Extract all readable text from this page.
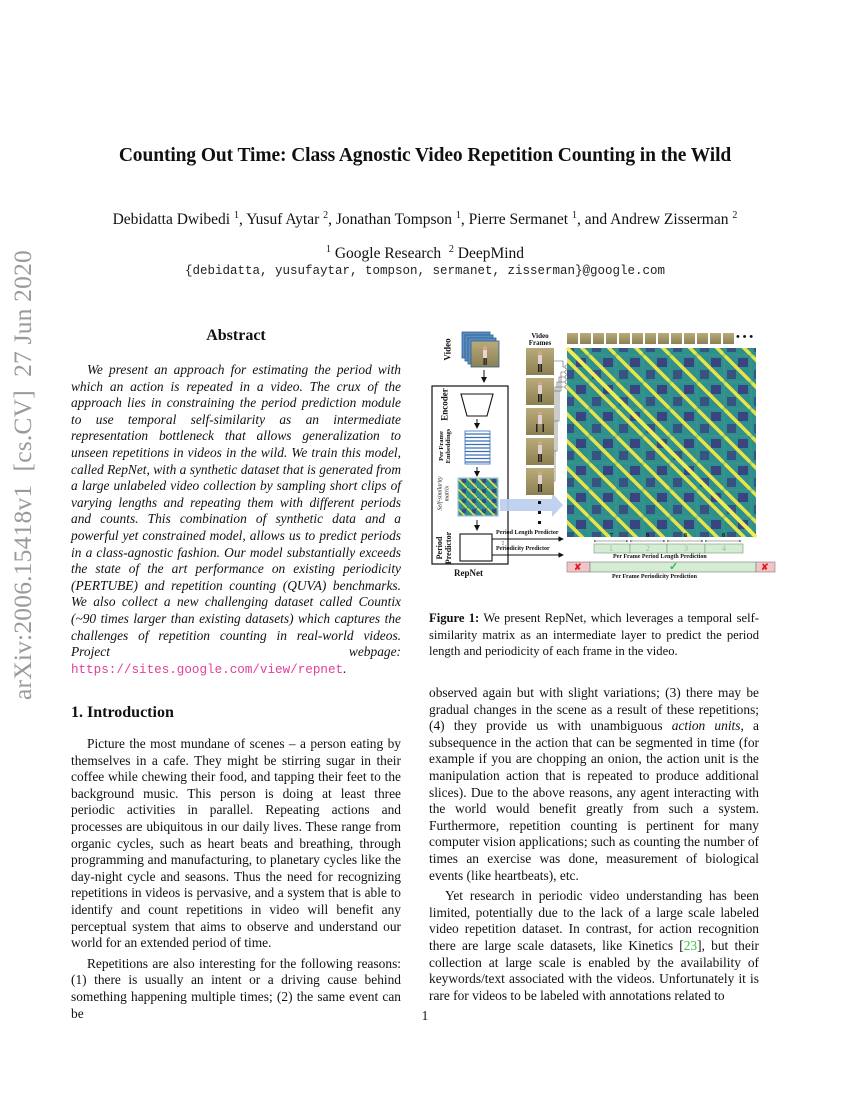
arXiv:2006.15418v1  [cs.CV]  27 Jun 2020
Counting Out Time: Class Agnostic Video Repetition Counting in the Wild
Debidatta Dwibedi $^1$, Yusuf Aytar $^2$, Jonathan Tompson $^1$, Pierre Sermanet $^1$, and Andrew Zisserman $^2$
$^1$ Google Research $^2$ DeepMind
{debidatta, yusufaytar, tompson, sermanet, zisserman}@google.com
Abstract
We present an approach for estimating the period with which an action is repeated in a video. The crux of the approach lies in constraining the period prediction module to use temporal self-similarity as an intermediate representation bottleneck that allows generalization to unseen repetitions in videos in the wild. We train this model, called RepNet, with a synthetic dataset that is generated from a large unlabeled video collection by sampling short clips of varying lengths and repeating them with different periods and counts. This combination of synthetic data and a powerful yet constrained model, allows us to predict periods in a class-agnostic fashion. Our model substantially exceeds the state of the art performance on existing periodicity (PERTUBE) and repetition counting (QUVA) benchmarks. We also collect a new challenging dataset called Countix (~90 times larger than existing datasets) which captures the challenges of repetition counting in real-world videos. Project webpage: https://sites.google.com/view/repnet.
Video
Video
Frames
Encoder
Per Frame
Embeddings
Self-similarity
matrix
Period
Predictor
RepNet
Period Length Predictor
Periodicity Predictor
• • •
7	8	8	8
1	2	3	4
Per Frame Period Length Prediction
✘	✓	✘
Per Frame Periodicity Prediction
Figure 1: We present RepNet, which leverages a temporal self-similarity matrix as an intermediate layer to predict the period length and periodicity of each frame in the video.
1. Introduction

Picture the most mundane of scenes – a person eating by themselves in a cafe. They might be stirring sugar in their coffee while chewing their food, and tapping their feet to the background music. This person is doing at least three periodic activities in parallel. Repeating actions and processes are ubiquitous in our daily lives. These range from organic cycles, such as heart beats and breathing, through programming and manufacturing, to planetary cycles like the day-night cycle and seasons. Thus the need for recognizing repetitions in videos is pervasive, and a system that is able to identify and count repetitions in video will benefit any perceptual system that aims to observe and understand our world for an extended period of time.

Repetitions are also interesting for the following reasons: (1) there is usually an intent or a driving cause behind something happening multiple times; (2) the same event can be

observed again but with slight variations; (3) there may be gradual changes in the scene as a result of these repetitions; (4) they provide us with unambiguous action units, a subsequence in the action that can be segmented in time (for example if you are chopping an onion, the action unit is the manipulation action that is repeated to produce additional slices). Due to the above reasons, any agent interacting with the world would benefit greatly from such a system. Furthermore, repetition counting is pertinent for many computer vision applications; such as counting the number of times an exercise was done, measurement of biological events (like heartbeats), etc.

Yet research in periodic video understanding has been limited, potentially due to the lack of a large scale labeled video repetition dataset. In contrast, for action recognition there are large scale datasets, like Kinetics [23], but their collection at large scale is enabled by the availability of keywords/text associated with the videos. Unfortunately it is rare for videos to be labeled with annotations related to

1
